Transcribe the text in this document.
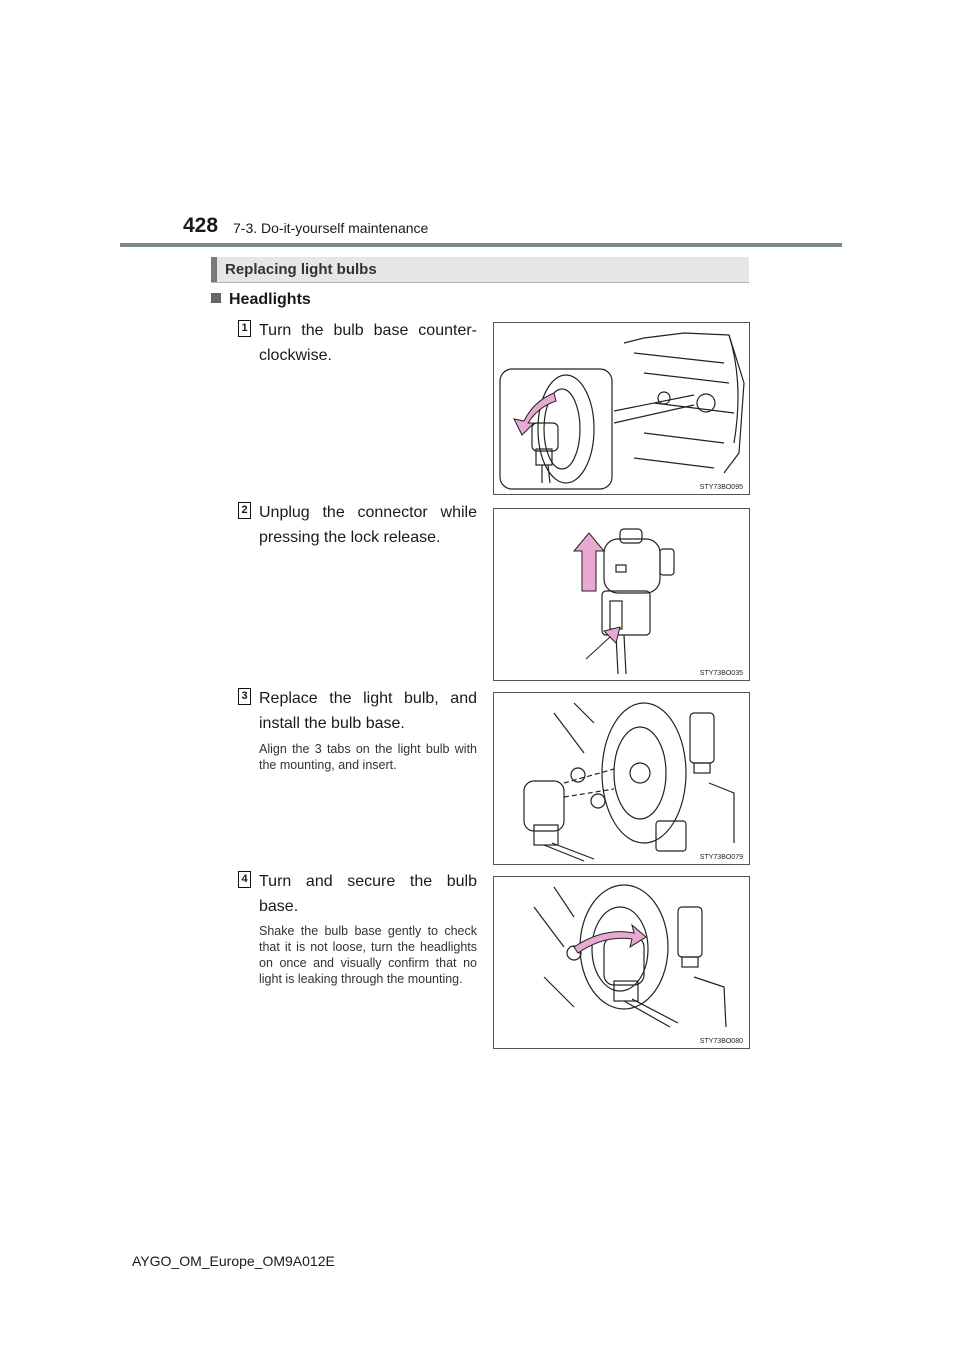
428 7-3. Do-it-yourself maintenance
Replacing light bulbs
Headlights
1 Turn the bulb base counter-clockwise.
STY73BO095
2 Unplug the connector while pressing the lock release.
STY73BO035
3 Replace the light bulb, and install the bulb base.
Align the 3 tabs on the light bulb with the mounting, and insert.
STY73BO079
4 Turn and secure the bulb base.
Shake the bulb base gently to check that it is not loose, turn the headlights on once and visually confirm that no light is leaking through the mounting.
STY73BO080
AYGO_OM_Europe_OM9A012E
